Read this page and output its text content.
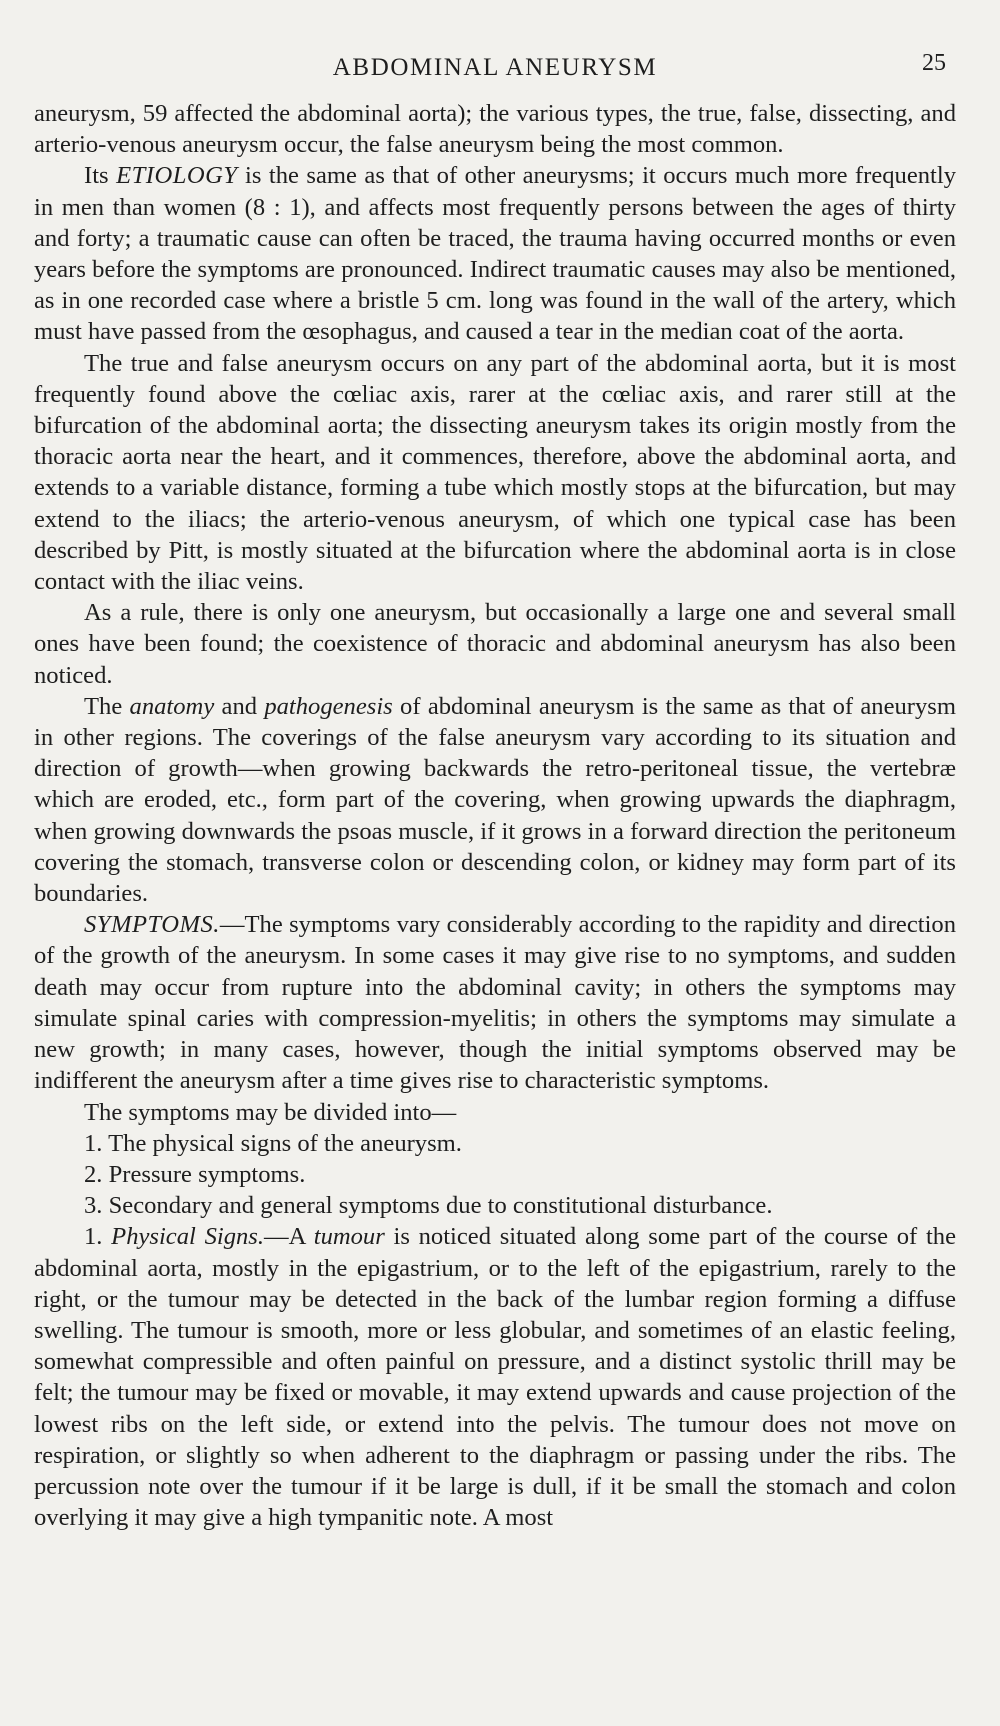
ABDOMINAL ANEURYSM	25

aneurysm, 59 affected the abdominal aorta); the various types, the true, false, dissecting, and arterio-venous aneurysm occur, the false aneurysm being the most common.

Its ETIOLOGY is the same as that of other aneurysms; it occurs much more frequently in men than women (8 : 1), and affects most frequently persons between the ages of thirty and forty; a traumatic cause can often be traced, the trauma having occurred months or even years before the symptoms are pronounced. Indirect traumatic causes may also be mentioned, as in one recorded case where a bristle 5 cm. long was found in the wall of the artery, which must have passed from the œsophagus, and caused a tear in the median coat of the aorta.

The true and false aneurysm occurs on any part of the abdominal aorta, but it is most frequently found above the cœliac axis, rarer at the cœliac axis, and rarer still at the bifurcation of the abdominal aorta; the dissecting aneurysm takes its origin mostly from the thoracic aorta near the heart, and it commences, therefore, above the abdominal aorta, and extends to a variable distance, forming a tube which mostly stops at the bifurcation, but may extend to the iliacs; the arterio-venous aneurysm, of which one typical case has been described by Pitt, is mostly situated at the bifurcation where the abdominal aorta is in close contact with the iliac veins.

As a rule, there is only one aneurysm, but occasionally a large one and several small ones have been found; the coexistence of thoracic and abdominal aneurysm has also been noticed.

The anatomy and pathogenesis of abdominal aneurysm is the same as that of aneurysm in other regions. The coverings of the false aneurysm vary according to its situation and direction of growth—when growing backwards the retro-peritoneal tissue, the vertebræ which are eroded, etc., form part of the covering, when growing upwards the diaphragm, when growing downwards the psoas muscle, if it grows in a forward direction the peritoneum covering the stomach, transverse colon or descending colon, or kidney may form part of its boundaries.

SYMPTOMS.—The symptoms vary considerably according to the rapidity and direction of the growth of the aneurysm. In some cases it may give rise to no symptoms, and sudden death may occur from rupture into the abdominal cavity; in others the symptoms may simulate spinal caries with compression-myelitis; in others the symptoms may simulate a new growth; in many cases, however, though the initial symptoms observed may be indifferent the aneurysm after a time gives rise to characteristic symptoms.

The symptoms may be divided into—

1. The physical signs of the aneurysm.

2. Pressure symptoms.

3. Secondary and general symptoms due to constitutional disturbance.

1. Physical Signs.—A tumour is noticed situated along some part of the course of the abdominal aorta, mostly in the epigastrium, or to the left of the epigastrium, rarely to the right, or the tumour may be detected in the back of the lumbar region forming a diffuse swelling. The tumour is smooth, more or less globular, and sometimes of an elastic feeling, somewhat compressible and often painful on pressure, and a distinct systolic thrill may be felt; the tumour may be fixed or movable, it may extend upwards and cause projection of the lowest ribs on the left side, or extend into the pelvis. The tumour does not move on respiration, or slightly so when adherent to the diaphragm or passing under the ribs. The percussion note over the tumour if it be large is dull, if it be small the stomach and colon overlying it may give a high tympanitic note. A most
